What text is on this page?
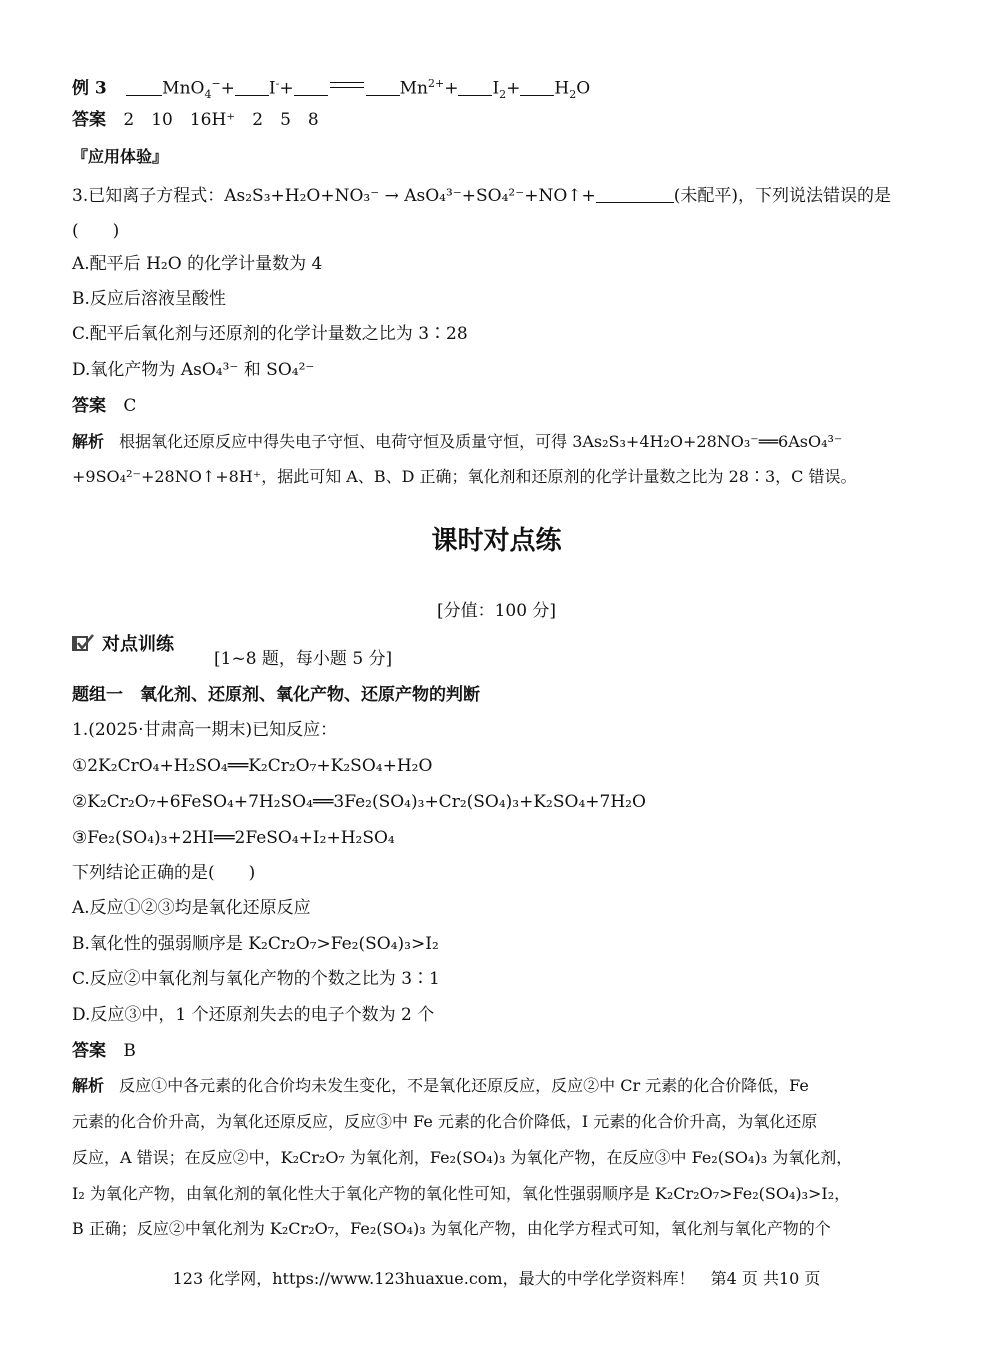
例 3	MnO$_4$−+ I-+	$Mn^{2+}+ I_2+ H_2O$
答案 2　10　16H⁺　2　5　8
『应用体验』
3.已知离子方程式：As₂S₃+H₂O+NO₃⁻ → AsO₄³⁻+SO₄²⁻+NO↑+	(未配平)，下列说法错误的是
(　　)
A.配平后 H₂O 的化学计量数为 4
B.反应后溶液呈酸性
C.配平后氧化剂与还原剂的化学计量数之比为 3∶28
D.氧化产物为 AsO₄³⁻ 和 SO₄²⁻
答案 C
解析 根据氧化还原反应中得失电子守恒、电荷守恒及质量守恒，可得 3As₂S₃+4H₂O+28NO₃⁻══6AsO₄³⁻
+9SO₄²⁻+28NO↑+8H⁺，据此可知 A、B、D 正确；氧化剂和还原剂的化学计量数之比为 28∶3，C 错误。
课时对点练
[分值：100 分]
对点训练
[1~8 题，每小题 5 分]
题组一　氧化剂、还原剂、氧化产物、还原产物的判断
1.(2025·甘肃高一期末)已知反应：
①2K₂CrO₄+H₂SO₄══K₂Cr₂O₇+K₂SO₄+H₂O
②K₂Cr₂O₇+6FeSO₄+7H₂SO₄══3Fe₂(SO₄)₃+Cr₂(SO₄)₃+K₂SO₄+7H₂O
③Fe₂(SO₄)₃+2HI══2FeSO₄+I₂+H₂SO₄
下列结论正确的是(　　)
A.反应①②③均是氧化还原反应
B.氧化性的强弱顺序是 K₂Cr₂O₇>Fe₂(SO₄)₃>I₂
C.反应②中氧化剂与氧化产物的个数之比为 3∶1
D.反应③中，1 个还原剂失去的电子个数为 2 个
答案 B
解析 反应①中各元素的化合价均未发生变化，不是氧化还原反应，反应②中 Cr 元素的化合价降低，Fe
元素的化合价升高，为氧化还原反应，反应③中 Fe 元素的化合价降低，I 元素的化合价升高，为氧化还原
反应，A 错误；在反应②中，K₂Cr₂O₇ 为氧化剂，Fe₂(SO₄)₃ 为氧化产物，在反应③中 Fe₂(SO₄)₃ 为氧化剂，
I₂ 为氧化产物，由氧化剂的氧化性大于氧化产物的氧化性可知，氧化性强弱顺序是 K₂Cr₂O₇>Fe₂(SO₄)₃>I₂，
B 正确；反应②中氧化剂为 K₂Cr₂O₇，Fe₂(SO₄)₃ 为氧化产物，由化学方程式可知，氧化剂与氧化产物的个
123 化学网，https://www.123huaxue.com，最大的中学化学资料库！　第4 页 共10 页
